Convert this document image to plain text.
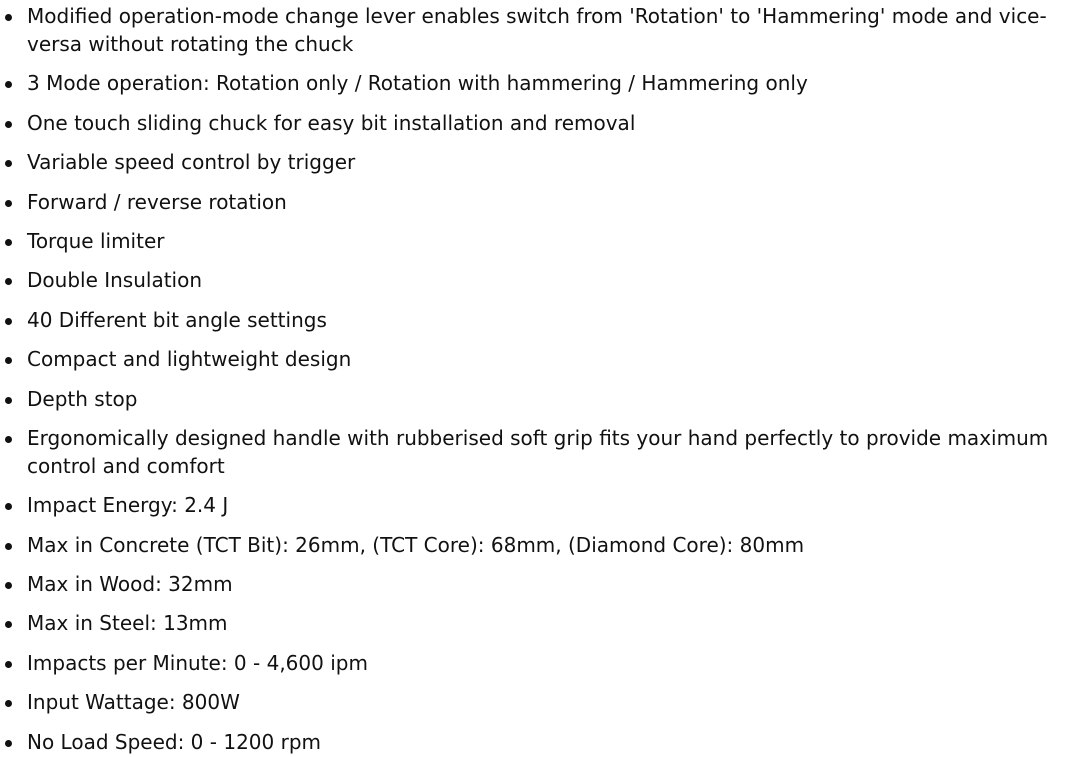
Modified operation-mode change lever enables switch from 'Rotation' to 'Hammering' mode and vice-versa without rotating the chuck
3 Mode operation: Rotation only / Rotation with hammering / Hammering only
One touch sliding chuck for easy bit installation and removal
Variable speed control by trigger
Forward / reverse rotation
Torque limiter
Double Insulation
40 Different bit angle settings
Compact and lightweight design
Depth stop
Ergonomically designed handle with rubberised soft grip fits your hand perfectly to provide maximum control and comfort
Impact Energy: 2.4 J
Max in Concrete (TCT Bit): 26mm, (TCT Core): 68mm, (Diamond Core): 80mm
Max in Wood: 32mm
Max in Steel: 13mm
Impacts per Minute: 0 - 4,600 ipm
Input Wattage: 800W
No Load Speed: 0 - 1200 rpm
